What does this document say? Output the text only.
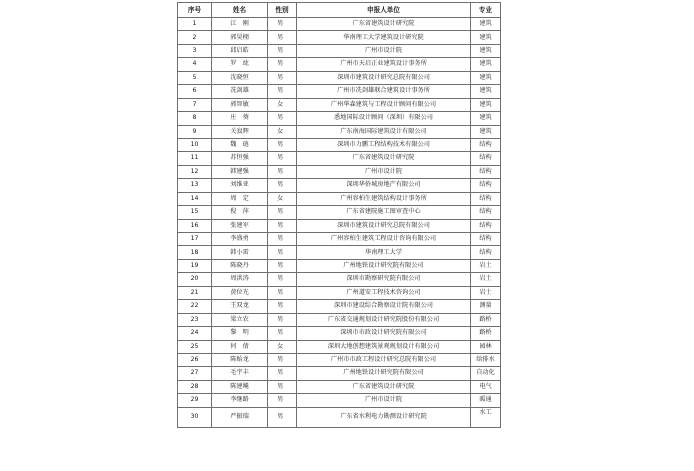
序号	姓名	性别	申报人单位	专业
1	江　刚	男	广东省建筑设计研究院	建筑
2	郭昊栩	男	华南理工大学建筑设计研究院	建筑
3	邱启皓	男	广州市设计院	建筑
4	罗　竑	男	广州市天启正业建筑设计事务所	建筑
5	沈晓恒	男	深圳市建筑设计研究总院有限公司	建筑
6	冼剑雄	男	广州市冼剑雄联合建筑设计事务所	建筑
7	郭智敏	女	广州华森建筑与工程设计顾问有限公司	建筑
8	庄　葵	男	悉地国际设计顾问（深圳）有限公司	建筑
9	关寂辉	女	广东南海国际建筑设计有限公司	建筑
10	魏　琏	男	深圳市力鹏工程结构技术有限公司	结构
11	苏恒强	男	广东省建筑设计研究院	结构
12	韩建强	男	广州市设计院	结构
13	刘维亚	男	深圳华侨城房地产有限公司	结构
14	周　定	女	广州容柏生建筑结构设计事务所	结构
15	倪　萍	男	广东省建院施工图审查中心	结构
16	张建军	男	深圳市建筑设计研究总院有限公司	结构
17	李盛勇	男	广州容柏生建筑工程设计咨询有限公司	结构
18	韩小雷	男	华南理工大学	结构
19	陈晓丹	男	广州地铁设计研究院有限公司	岩土
20	周洪涛	男	深圳市勘察研究院有限公司	岩土
21	黄位光	男	广州道安工程技术咨询公司	岩土
22	王双龙	男	深圳市建设综合勘察设计院有限公司	测量
23	梁立农	男	广东省交通规划设计研究院股份有限公司	路桥
24	黎　明	男	深圳市市政设计研究院有限公司	路桥
25	何　倩	女	深圳大地创想建筑景观规划设计有限公司	园林
26	陈贻龙	男	广州市市政工程设计研究总院有限公司	给排水
27	毛宇丰	男	广州地铁设计研究院有限公司	自动化
28	陈建飚	男	广东省建筑设计研究院	电气
29	李继路	男	广州市设计院	暖通
30	严振瑞	男	广东省水利电力勘测设计研究院	水工
